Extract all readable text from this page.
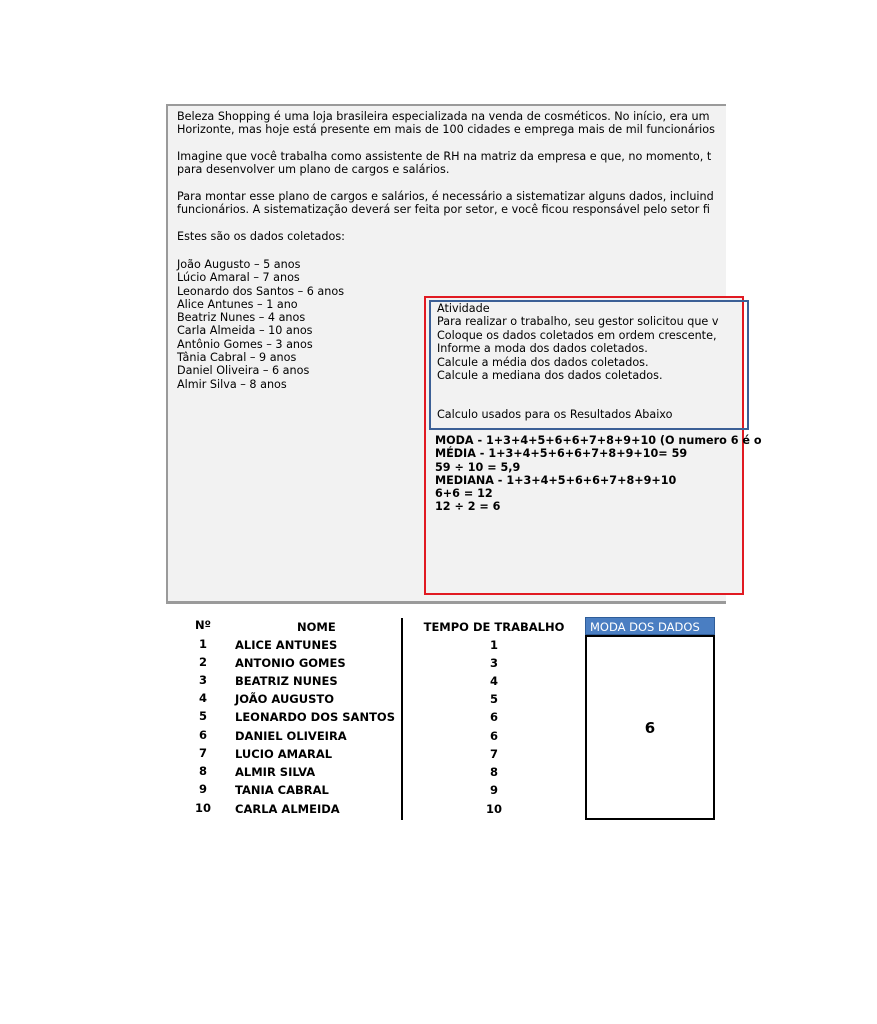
Beleza Shopping é uma loja brasileira especializada na venda de cosméticos. No início, era um
Horizonte, mas hoje está presente em mais de 100 cidades e emprega mais de mil funcionários
Imagine que você trabalha como assistente de RH na matriz da empresa e que, no momento, t
para desenvolver um plano de cargos e salários.
Para montar esse plano de cargos e salários, é necessário a sistematizar alguns dados, incluind
funcionários. A sistematização deverá ser feita por setor, e você ficou responsável pelo setor fi
Estes são os dados coletados:
João Augusto – 5 anos
Lúcio Amaral – 7 anos
Leonardo dos Santos – 6 anos
Alice Antunes – 1 ano
Beatriz Nunes – 4 anos
Carla Almeida – 10 anos
Antônio Gomes – 3 anos
Tânia Cabral – 9 anos
Daniel Oliveira – 6 anos
Almir Silva – 8 anos
Atividade
Para realizar o trabalho, seu gestor solicitou que v
Coloque os dados coletados em ordem crescente,
Informe a moda dos dados coletados.
Calcule a média dos dados coletados.
Calcule a mediana dos dados coletados.
Calculo usados para os Resultados Abaixo
MODA - 1+3+4+5+6+6+7+8+9+10 (O numero 6 é o
MÉDIA - 1+3+4+5+6+6+7+8+9+10= 59
59 ÷ 10 = 5,9
MEDIANA - 1+3+4+5+6+6+7+8+9+10
6+6 = 12
12 ÷ 2 = 6
Nº	NOME	TEMPO DE TRABALHO	MODA DOS DADOS
6
1	ALICE ANTUNES	1
2	ANTONIO GOMES	3
3	BEATRIZ NUNES	4
4	JOÃO AUGUSTO	5
5	LEONARDO DOS SANTOS	6
6	DANIEL OLIVEIRA	6
7	LUCIO AMARAL	7
8	ALMIR SILVA	8
9	TANIA CABRAL	9
10	CARLA ALMEIDA	10
